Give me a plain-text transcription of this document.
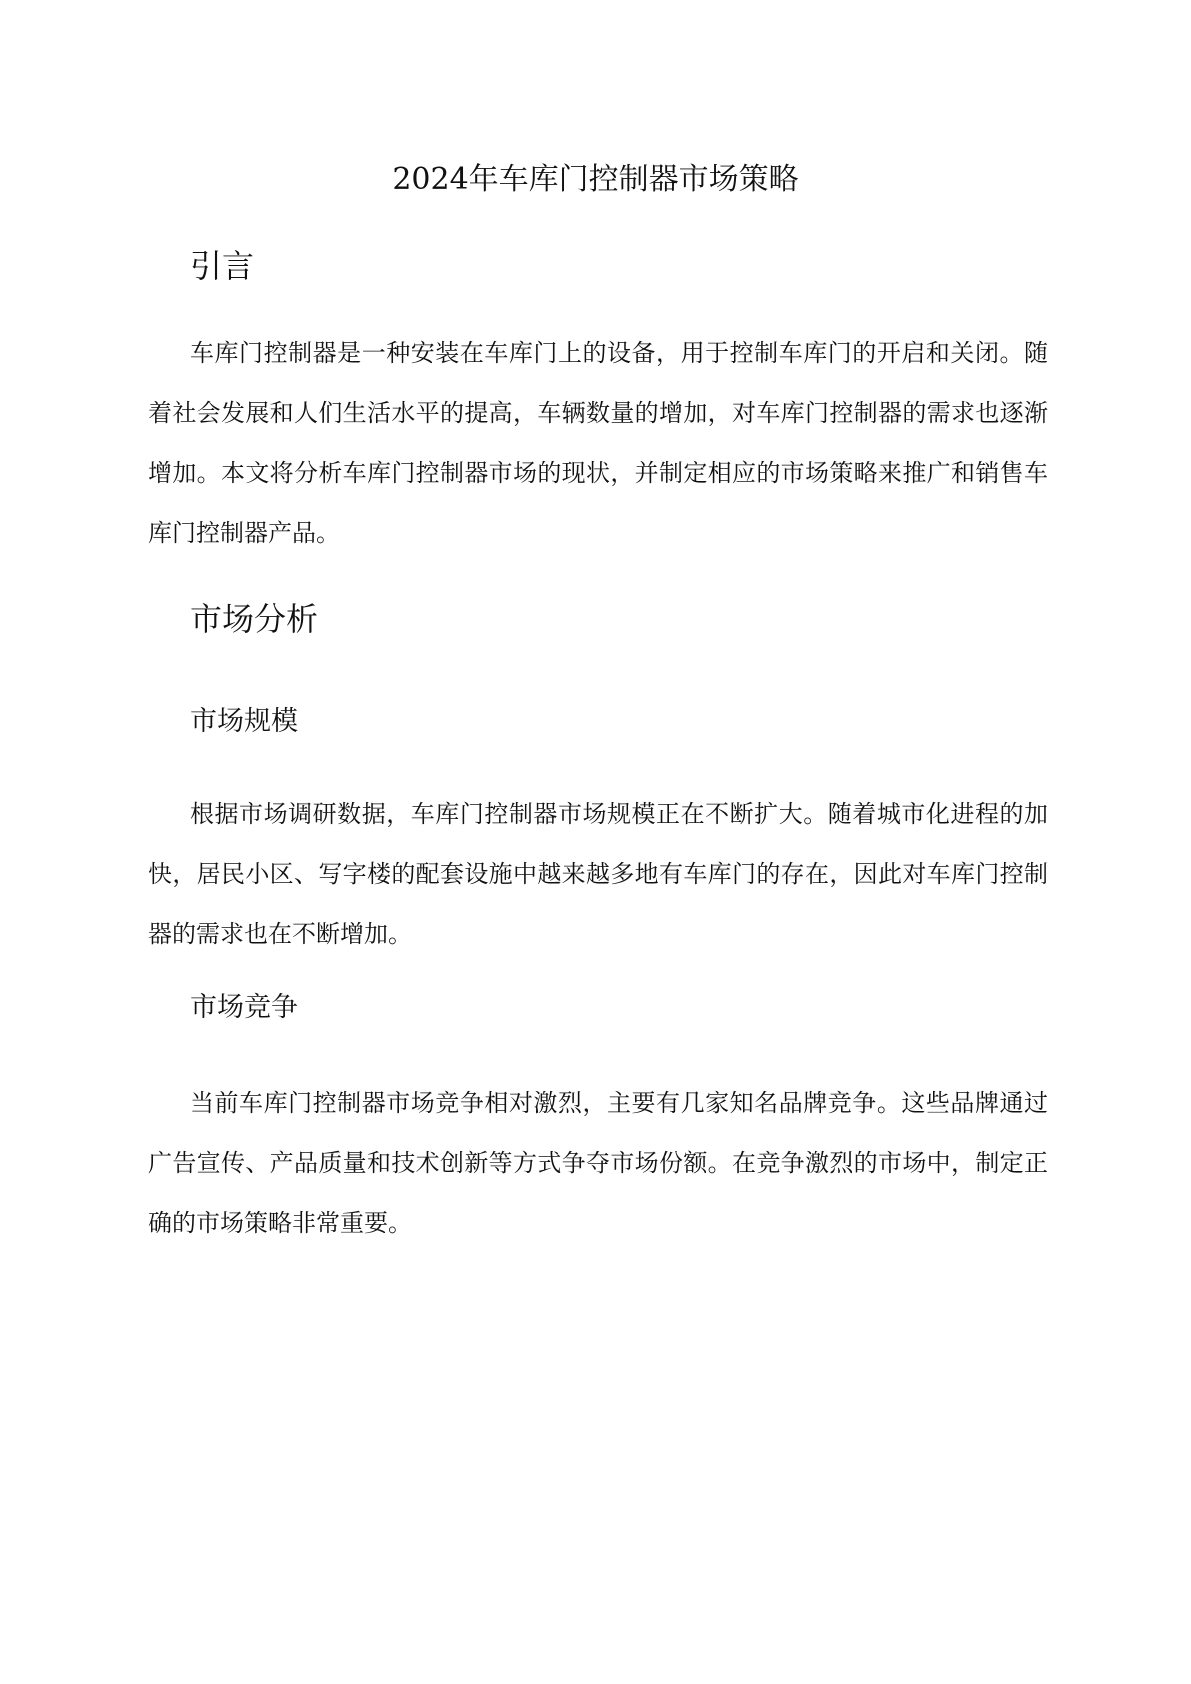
2024年车库门控制器市场策略
引言

车库门控制器是一种安装在车库门上的设备，用于控制车库门的开启和关闭。随着社会发展和人们生活水平的提高，车辆数量的增加，对车库门控制器的需求也逐渐增加。本文将分析车库门控制器市场的现状，并制定相应的市场策略来推广和销售车库门控制器产品。

市场分析
市场规模

根据市场调研数据，车库门控制器市场规模正在不断扩大。随着城市化进程的加快，居民小区、写字楼的配套设施中越来越多地有车库门的存在，因此对车库门控制器的需求也在不断增加。

市场竞争

当前车库门控制器市场竞争相对激烈，主要有几家知名品牌竞争。这些品牌通过广告宣传、产品质量和技术创新等方式争夺市场份额。在竞争激烈的市场中，制定正确的市场策略非常重要。
